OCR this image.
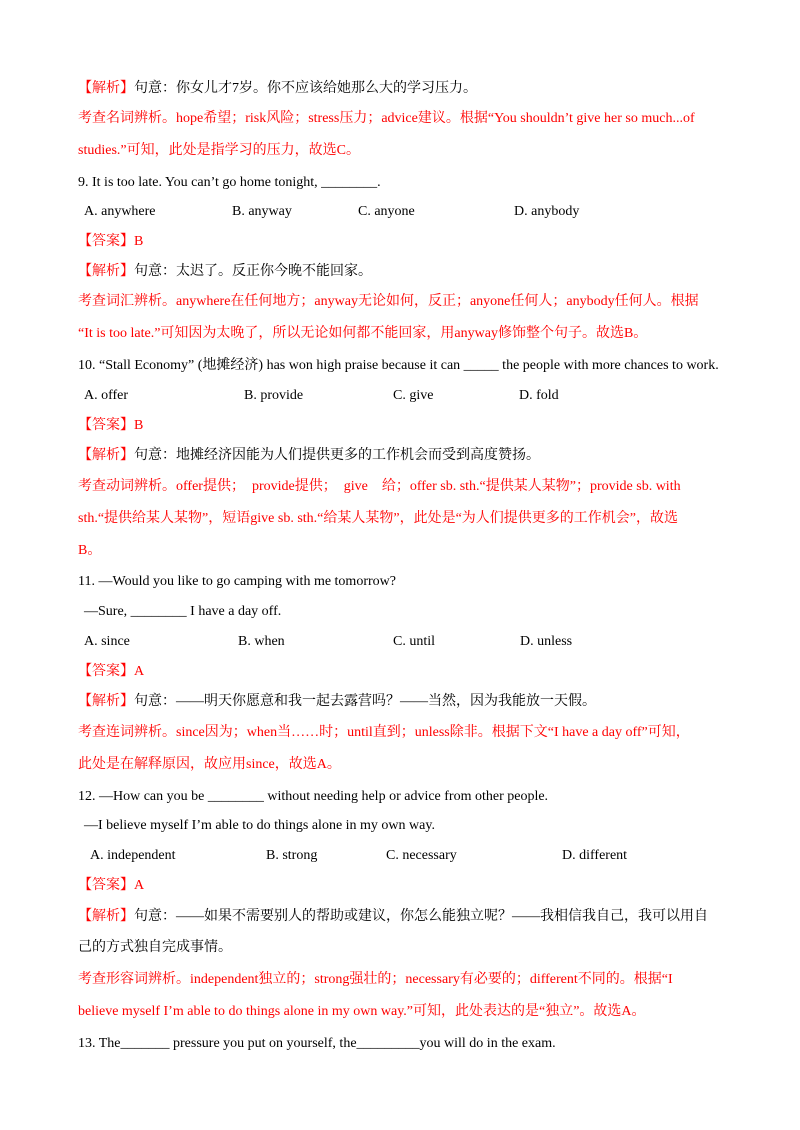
【解析】句意：你女儿才7岁。你不应该给她那么大的学习压力。
考查名词辨析。hope希望；risk风险；stress压力；advice建议。根据“You shouldn’t give her so much...of
studies.”可知，此处是指学习的压力，故选C。
9. It is too late. You can’t go home tonight, ________.
A. anywhere	B. anyway	C. anyone	D. anybody
【答案】B
【解析】句意：太迟了。反正你今晚不能回家。
考查词汇辨析。anywhere在任何地方；anyway无论如何，反正；anyone任何人；anybody任何人。根据
“It is too late.”可知因为太晚了，所以无论如何都不能回家，用anyway修饰整个句子。故选B。
10. “Stall Economy” (地摊经济) has won high praise because it can _____ the people with more chances to work.
A. offer	B. provide	C. give	D. fold
【答案】B
【解析】句意：地摊经济因能为人们提供更多的工作机会而受到高度赞扬。
考查动词辨析。offer提供；　provide提供；　give　给；offer sb. sth.“提供某人某物”；provide sb. with
sth.“提供给某人某物”，短语give sb. sth.“给某人某物”，此处是“为人们提供更多的工作机会”，故选
B。
11. —Would you like to go camping with me tomorrow?
—Sure, ________ I have a day off.
A. since	B. when	C. until	D. unless
【答案】A
【解析】句意：——明天你愿意和我一起去露营吗？——当然，因为我能放一天假。
考查连词辨析。since因为；when当……时；until直到；unless除非。根据下文“I have a day off”可知，
此处是在解释原因，故应用since，故选A。
12. —How can you be ________ without needing help or advice from other people.
—I believe myself I’m able to do things alone in my own way.
A. independent	B. strong	C. necessary	D. different
【答案】A
【解析】句意：——如果不需要别人的帮助或建议，你怎么能独立呢？——我相信我自己，我可以用自
己的方式独自完成事情。
考查形容词辨析。independent独立的；strong强壮的；necessary有必要的；different不同的。根据“I
believe myself I’m able to do things alone in my own way.”可知，此处表达的是“独立”。故选A。
13. The_______ pressure you put on yourself, the_________you will do in the exam.
